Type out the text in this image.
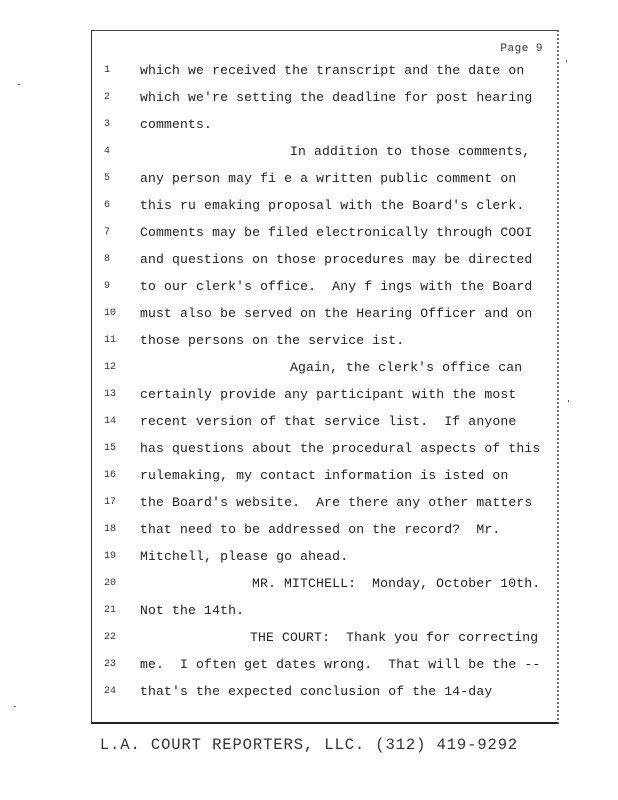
Page 9
1	which we received the transcript and the date on
2	which we're setting the deadline for post hearing
3	comments.
4	In addition to those comments,
5	any person may fi e a written public comment on
6	this ru emaking proposal with the Board's clerk.
7	Comments may be filed electronically through COOI
8	and questions on those procedures may be directed
9	to our clerk's office.  Any f ings with the Board
10	must also be served on the Hearing Officer and on
11	those persons on the service ist.
12	Again, the clerk's office can
13	certainly provide any participant with the most
14	recent version of that service list.  If anyone
15	has questions about the procedural aspects of this
16	rulemaking, my contact information is isted on
17	the Board's website.  Are there any other matters
18	that need to be addressed on the record?  Mr.
19	Mitchell, please go ahead.
20	MR. MITCHELL:  Monday, October 10th.
21	Not the 14th.
22	THE COURT:  Thank you for correcting
23	me.  I often get dates wrong.  That will be the --
24	that's the expected conclusion of the 14-day
L.A. COURT REPORTERS, LLC. (312) 419-9292
